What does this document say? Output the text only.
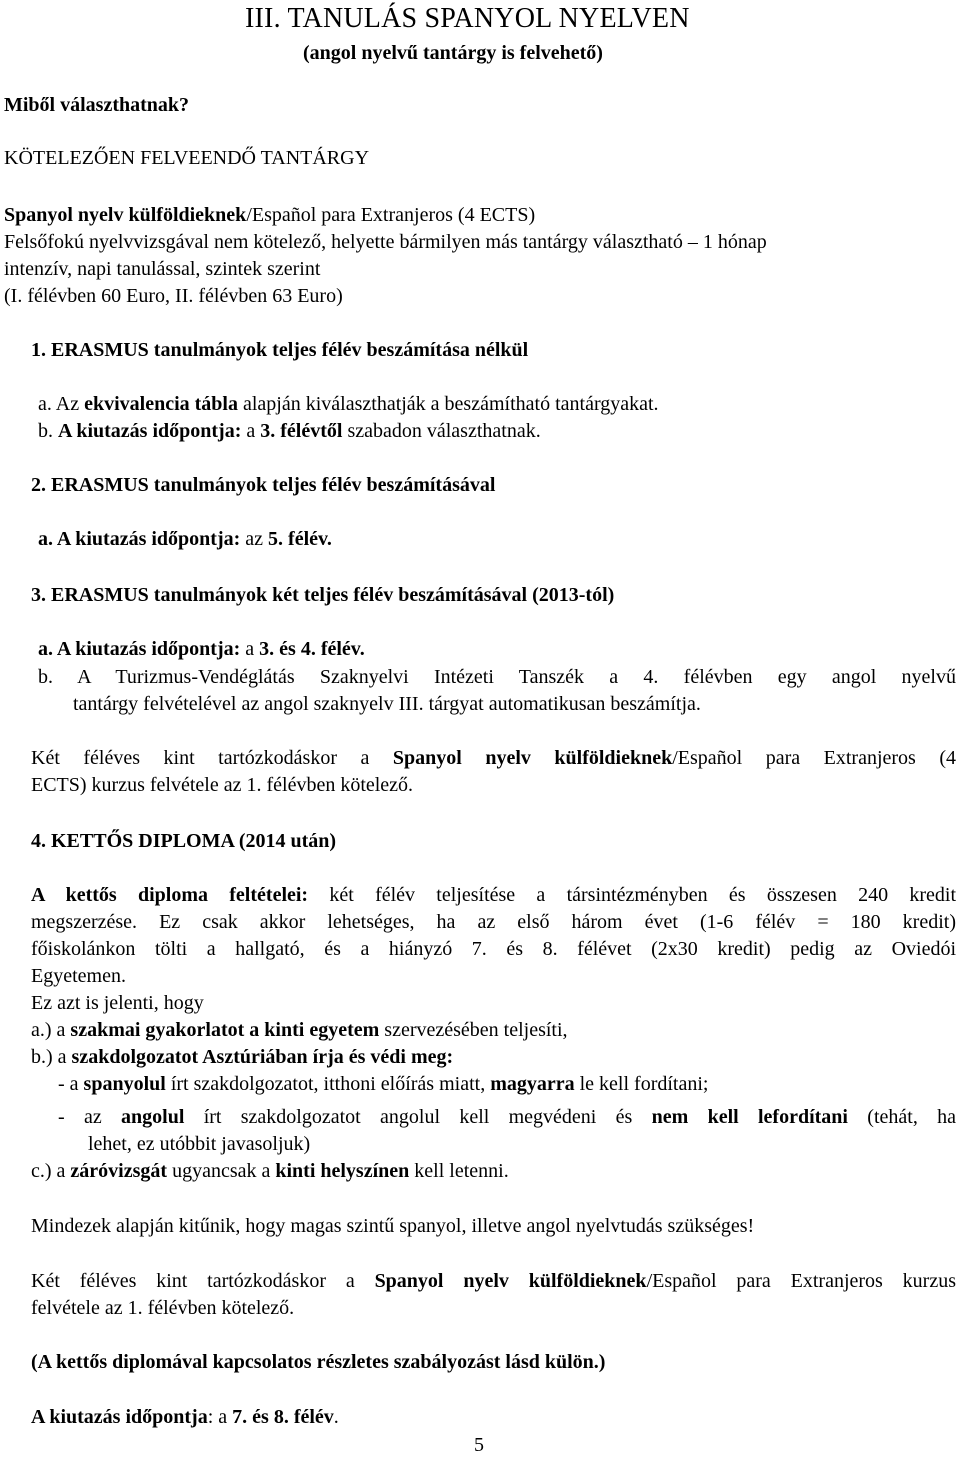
III. TANULÁS SPANYOL NYELVEN
(angol nyelvű tantárgy is felvehető)
Miből választhatnak?
KÖTELEZŐEN FELVEENDŐ TANTÁRGY
Spanyol nyelv külföldieknek/Español para Extranjeros (4 ECTS)
Felsőfokú nyelvvizsgával nem kötelező, helyette bármilyen más tantárgy választható – 1 hónap
intenzív, napi tanulással, szintek szerint
(I. félévben 60 Euro, II. félévben 63 Euro)
1. ERASMUS tanulmányok teljes félév beszámítása nélkül
a. Az ekvivalencia tábla alapján kiválaszthatják a beszámítható tantárgyakat.
b. A kiutazás időpontja: a 3. félévtől szabadon választhatnak.
2. ERASMUS tanulmányok teljes félév beszámításával
a. A kiutazás időpontja: az 5. félév.
3. ERASMUS tanulmányok két teljes félév beszámításával (2013-tól)
a. A kiutazás időpontja: a 3. és 4. félév.
b. A Turizmus-Vendéglátás Szaknyelvi Intézeti Tanszék a 4. félévben egy angol nyelvű
tantárgy felvételével az angol szaknyelv III. tárgyat automatikusan beszámítja.
Két féléves kint tartózkodáskor a Spanyol nyelv külföldieknek/Español para Extranjeros (4
ECTS) kurzus felvétele az 1. félévben kötelező.
4. KETTŐS DIPLOMA (2014 után)
A kettős diploma feltételei: két félév teljesítése a társintézményben és összesen 240 kredit
megszerzése. Ez csak akkor lehetséges, ha az első három évet (1-6 félév = 180 kredit)
főiskolánkon tölti a hallgató, és a hiányzó 7. és 8. félévet (2x30 kredit) pedig az Oviedói
Egyetemen.
Ez azt is jelenti, hogy
a.) a szakmai gyakorlatot a kinti egyetem szervezésében teljesíti,
b.) a szakdolgozatot Asztúriában írja és védi meg:
- a spanyolul írt szakdolgozatot, itthoni előírás miatt, magyarra le kell fordítani;
- az angolul írt szakdolgozatot angolul kell megvédeni és nem kell lefordítani (tehát, ha
lehet, ez utóbbit javasoljuk)
c.) a záróvizsgát ugyancsak a kinti helyszínen kell letenni.
Mindezek alapján kitűnik, hogy magas szintű spanyol, illetve angol nyelvtudás szükséges!
Két féléves kint tartózkodáskor a Spanyol nyelv külföldieknek/Español para Extranjeros kurzus
felvétele az 1. félévben kötelező.
(A kettős diplomával kapcsolatos részletes szabályozást lásd külön.)
A kiutazás időpontja: a 7. és 8. félév.
5
